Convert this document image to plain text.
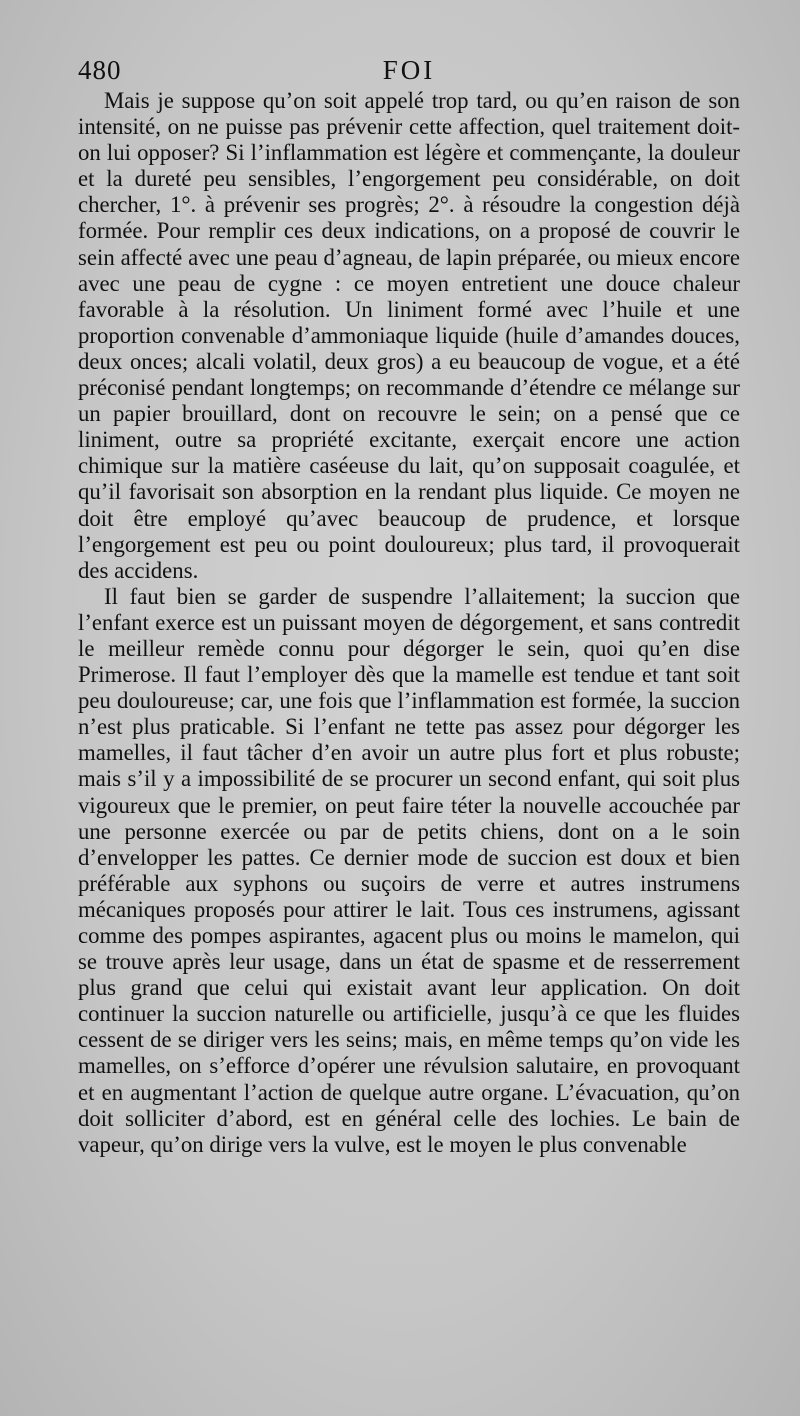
480	FOI

Mais je suppose qu’on soit appelé trop tard, ou qu’en raison de son intensité, on ne puisse pas prévenir cette affection, quel traitement doit-on lui opposer? Si l’inflammation est légère et commençante, la douleur et la dureté peu sensibles, l’engorgement peu considérable, on doit chercher, 1°. à prévenir ses progrès; 2°. à résoudre la congestion déjà formée. Pour remplir ces deux indications, on a proposé de couvrir le sein affecté avec une peau d’agneau, de lapin préparée, ou mieux encore avec une peau de cygne : ce moyen entretient une douce chaleur favorable à la résolution. Un liniment formé avec l’huile et une proportion convenable d’ammoniaque liquide (huile d’amandes douces, deux onces; alcali volatil, deux gros) a eu beaucoup de vogue, et a été préconisé pendant longtemps; on recommande d’étendre ce mélange sur un papier brouillard, dont on recouvre le sein; on a pensé que ce liniment, outre sa propriété excitante, exerçait encore une action chimique sur la matière caséeuse du lait, qu’on supposait coagulée, et qu’il favorisait son absorption en la rendant plus liquide. Ce moyen ne doit être employé qu’avec beaucoup de prudence, et lorsque l’engorgement est peu ou point douloureux; plus tard, il provoquerait des accidens.

Il faut bien se garder de suspendre l’allaitement; la succion que l’enfant exerce est un puissant moyen de dégorgement, et sans contredit le meilleur remède connu pour dégorger le sein, quoi qu’en dise Primerose. Il faut l’employer dès que la mamelle est tendue et tant soit peu douloureuse; car, une fois que l’inflammation est formée, la succion n’est plus praticable. Si l’enfant ne tette pas assez pour dégorger les mamelles, il faut tâcher d’en avoir un autre plus fort et plus robuste; mais s’il y a impossibilité de se procurer un second enfant, qui soit plus vigoureux que le premier, on peut faire téter la nouvelle accouchée par une personne exercée ou par de petits chiens, dont on a le soin d’envelopper les pattes. Ce dernier mode de succion est doux et bien préférable aux syphons ou suçoirs de verre et autres instrumens mécaniques proposés pour attirer le lait. Tous ces instrumens, agissant comme des pompes aspirantes, agacent plus ou moins le mamelon, qui se trouve après leur usage, dans un état de spasme et de resserrement plus grand que celui qui existait avant leur application. On doit continuer la succion naturelle ou artificielle, jusqu’à ce que les fluides cessent de se diriger vers les seins; mais, en même temps qu’on vide les mamelles, on s’efforce d’opérer une révulsion salutaire, en provoquant et en augmentant l’action de quelque autre organe. L’évacuation, qu’on doit solliciter d’abord, est en général celle des lochies. Le bain de vapeur, qu’on dirige vers la vulve, est le moyen le plus convenable
